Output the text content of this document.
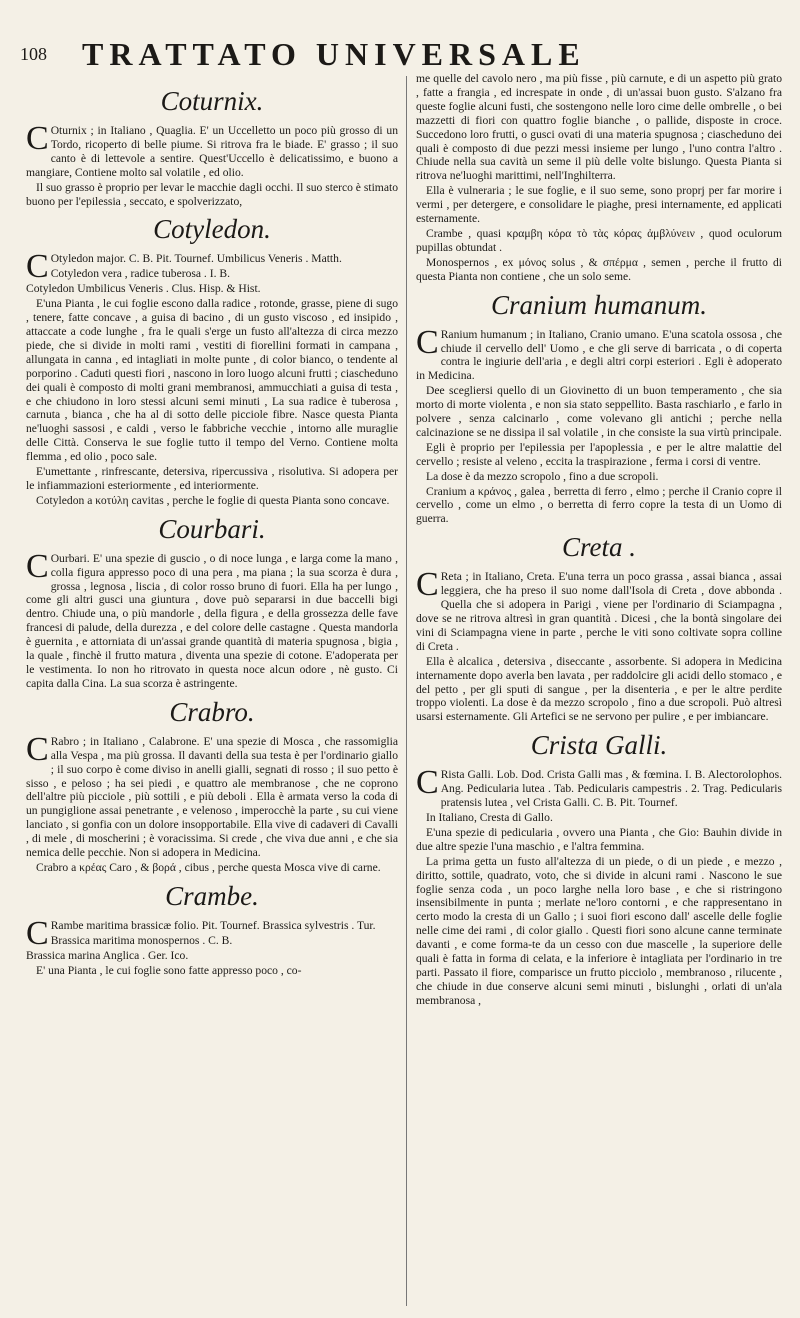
108 TRATTATO UNIVERSALE
Coturnix.

C Oturnix ; in Italiano , Quaglia. E' un Uccelletto un poco più grosso di un Tordo, ricoperto di belle piume. Si ritrova fra le biade. E' grasso ; il suo canto è di lettevole a sentire. Quest'Uccello è delicatissimo, e buono a mangiare, Contiene molto sal volatile , ed olio.

Il suo grasso è proprio per levar le macchie dagli occhi. Il suo sterco è stimato buono per l'epilessia , seccato, e spolverizzato,

Cotyledon.

C Otyledon major. C. B. Pit. Tournef. Umbilicus Veneris . Matth.

Cotyledon vera , radice tuberosa . I. B.

Cotyledon Umbilicus Veneris . Clus. Hisp. & Hist.

E'una Pianta , le cui foglie escono dalla radice , rotonde, grasse, piene di sugo , tenere, fatte concave , a guisa di bacino , di un gusto viscoso , ed insipido , attaccate a code lunghe , fra le quali s'erge un fusto all'altezza di circa mezzo piede, che si divide in molti rami , vestiti di fiorellini formati in campana , allungata in canna , ed intagliati in molte punte , di color bianco, o tendente al porporino . Caduti questi fiori , nascono in loro luogo alcuni frutti ; ciascheduno dei quali è composto di molti grani membranosi, ammucchiati a guisa di testa , e che chiudono in loro stessi alcuni semi minuti , La sua radice è tuberosa , carnuta , bianca , che ha al di sotto delle picciole fibre. Nasce questa Pianta ne'luoghi sassosi , e caldi , verso le fabbriche vecchie , intorno alle muraglie delle Città. Conserva le sue foglie tutto il tempo del Verno. Contiene molta flemma , ed olio , poco sale.

E'umettante , rinfrescante, detersiva, ripercussiva , risolutiva. Si adopera per le infiammazioni esteriormente , ed interiormente.

Cotyledon a κοτύλη cavitas , perche le foglie di questa Pianta sono concave.

Courbari.

C Ourbari. E' una spezie di guscio , o di noce lunga , e larga come la mano , colla figura appresso poco di una pera , ma piana ; la sua scorza è dura , grossa , legnosa , liscia , di color rosso bruno di fuori. Ella ha per lungo , come gli altri gusci una giuntura , dove può separarsi in due baccelli bigi dentro. Chiude una, o più mandorle , della figura , e della grossezza delle fave francesi di palude, della durezza , e del colore delle castagne . Questa mandorla è guernita , e attorniata di un'assai grande quantità di materia spugnosa , bigia , la quale , finchè il frutto matura , diventa una spezie di cotone. E'adoperata per le vestimenta. Io non ho ritrovato in questa noce alcun odore , nè gusto. Ci capita dalla Cina. La sua scorza è astringente.

Crabro.

C Rabro ; in Italiano , Calabrone. E' una spezie di Mosca , che rassomiglia alla Vespa , ma più grossa. Il davanti della sua testa è per l'ordinario giallo ; il suo corpo è come diviso in anelli gialli, segnati di rosso ; il suo petto è sisso , e peloso ; ha sei piedi , e quattro ale membranose , che ne coprono dell'altre più picciole , più sottili , e più deboli . Ella è armata verso la coda di un pungiglione assai penetrante , e velenoso , imperocchè la parte , su cui viene lanciato , si gonfia con un dolore insopportabile. Ella vive di cadaveri di Cavalli , di mele , di moscherini ; è voracissima. Si crede , che viva due anni , e che sia nemica delle pecchie. Non si adopera in Medicina.

Crabro a κρέας Caro , & βορά , cibus , perche questa Mosca vive di carne.

Crambe.

C Rambe maritima brassicæ folio. Pit. Tournef. Brassica sylvestris . Tur.

Brassica maritima monospernos . C. B.

Brassica marina Anglica . Ger. Ico.

E' una Pianta , le cui foglie sono fatte appresso poco , co-

me quelle del cavolo nero , ma più fisse , più carnute, e di un aspetto più grato , fatte a frangia , ed increspate in onde , di un'assai buon gusto. S'alzano fra queste foglie alcuni fusti, che sostengono nelle loro cime delle ombrelle , o bei mazzetti di fiori con quattro foglie bianche , o pallide, disposte in croce. Succedono loro frutti, o gusci ovati di una materia spugnosa ; ciascheduno dei quali è composto di due pezzi messi insieme per lungo , l'uno contra l'altro . Chiude nella sua cavità un seme il più delle volte bislungo. Questa Pianta si ritrova ne'luoghi marittimi, nell'Inghilterra.

Ella è vulneraria ; le sue foglie, e il suo seme, sono proprj per far morire i vermi , per detergere, e consolidare le piaghe, presi internamente, ed applicati esternamente.

Crambe , quasi κραμβη κόρα τὸ τὰς κόρας ἀμβλύνειν , quod oculorum pupillas obtundat .

Monospernos , ex μόνος solus , & σπέρμα , semen , perche il frutto di questa Pianta non contiene , che un solo seme.

Cranium humanum.

C Ranium humanum ; in Italiano, Cranio umano. E'una scatola ossosa , che chiude il cervello dell' Uomo , e che gli serve di barricata , o di coperta contra le ingiurie dell'aria , e degli altri corpi esteriori . Egli è adoperato in Medicina.

Dee scegliersi quello di un Giovinetto di un buon temperamento , che sia morto di morte violenta , e non sia stato seppellito. Basta raschiarlo , e farlo in polvere , senza calcinarlo , come volevano gli antichi ; perche nella calcinazione se ne dissipa il sal volatile , in che consiste la sua virtù principale.

Egli è proprio per l'epilessia per l'apoplessia , e per le altre malattie del cervello ; resiste al veleno , eccita la traspirazione , ferma i corsi di ventre.

La dose è da mezzo scropolo , fino a due scropoli.

Cranium a κράνος , galea , berretta di ferro , elmo ; perche il Cranio copre il cervello , come un elmo , o berretta di ferro copre la testa di un Uomo di guerra.

Creta .

C Reta ; in Italiano, Creta. E'una terra un poco grassa , assai bianca , assai leggiera, che ha preso il suo nome dall'Isola di Creta , dove abbonda . Quella che si adopera in Parigi , viene per l'ordinario di Sciampagna , dove se ne ritrova altresì in gran quantità . Dicesi , che la bontà singolare dei vini di Sciampagna viene in parte , perche le viti sono coltivate sopra colline di Creta .

Ella è alcalica , detersiva , diseccante , assorbente. Si adopera in Medicina internamente dopo averla ben lavata , per raddolcire gli acidi dello stomaco , e del petto , per gli sputi di sangue , per la disenteria , e per le altre perdite troppo violenti. La dose è da mezzo scropolo , fino a due scropoli. Può altresì usarsi esternamente. Gli Artefici se ne servono per pulire , e per imbiancare.

Crista Galli.

C Rista Galli. Lob. Dod. Crista Galli mas , & fœmina. I. B. Alectorolophos. Ang. Pedicularia lutea . Tab. Pedicularis campestris . 2. Trag. Pedicularis pratensis lutea , vel Crista Galli. C. B. Pit. Tournef.

In Italiano, Cresta di Gallo.

E'una spezie di pedicularia , ovvero una Pianta , che Gio: Bauhin divide in due altre spezie l'una maschio , e l'altra femmina.

La prima getta un fusto all'altezza di un piede, o di un piede , e mezzo , diritto, sottile, quadrato, voto, che si divide in alcuni rami . Nascono le sue foglie senza coda , un poco larghe nella loro base , e che si ristringono insensibilmente in punta ; merlate ne'loro contorni , e che rappresentano in certo modo la cresta di un Gallo ; i suoi fiori escono dall' ascelle delle foglie nelle cime dei rami , di color giallo . Questi fiori sono alcune canne terminate davanti , e come forma-te da un cesso con due mascelle , la superiore delle quali è fatta in forma di celata, e la inferiore è intagliata per l'ordinario in tre parti. Passato il fiore, comparisce un frutto picciolo , membranoso , rilucente , che chiude in due conserve alcuni semi minuti , bislunghi , orlati di un'ala membranosa ,
